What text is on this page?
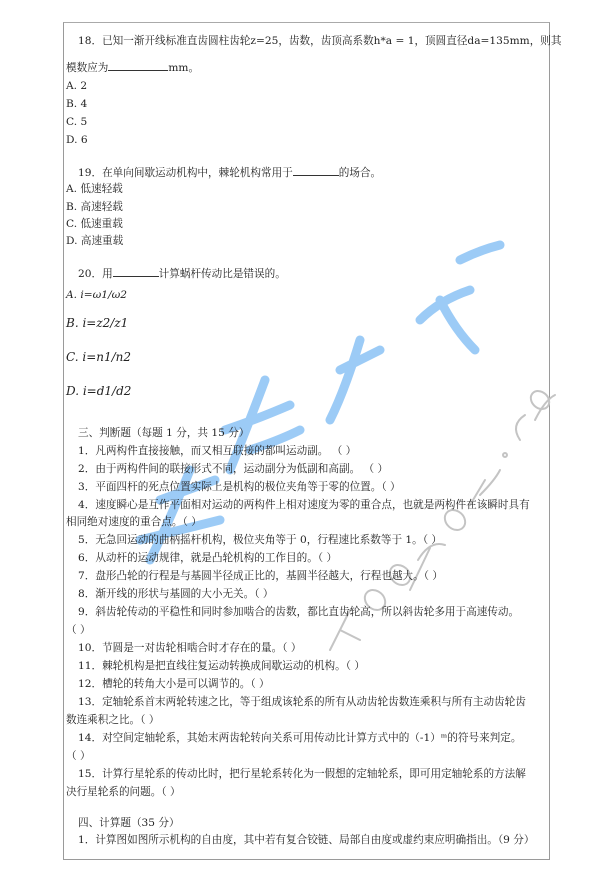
18．已知一渐开线标准直齿圆柱齿轮z=25，齿数，齿顶高系数h*a = 1，顶圆直径da=135mm，则其
模数应为	mm。
A. 2
B. 4
C. 5
D. 6
19．在单向间歇运动机构中，棘轮机构常用于	的场合。
A. 低速轻载
B. 高速轻载
C. 低速重载
D. 高速重载
20．用	计算蜗杆传动比是错误的。
A. i=ω1/ω2
B. i=z2/z1
C. i=n1/n2
D. i=d1/d2
三、判断题（每题 1 分，共 15 分）
1．凡两构件直接接触，而又相互联接的都叫运动副。 （ ）
2．由于两构件间的联接形式不同，运动副分为低副和高副。 （ ）
3．平面四杆的死点位置实际上是机构的极位夹角等于零的位置。（ ）
4．速度瞬心是互作平面相对运动的两构件上相对速度为零的重合点，也就是两构件在该瞬时具有
相同绝对速度的重合点。（ ）
5．无急回运动的曲柄摇杆机构，极位夹角等于 0，行程速比系数等于 1。（ ）
6．从动杆的运动规律，就是凸轮机构的工作目的。（ ）
7．盘形凸轮的行程是与基圆半径成正比的，基圆半径越大，行程也越大。（ ）
8．渐开线的形状与基圆的大小无关。（ ）
9．斜齿轮传动的平稳性和同时参加啮合的齿数，都比直齿轮高，所以斜齿轮多用于高速传动。
（ ）
10．节圆是一对齿轮相啮合时才存在的量。（ ）
11．棘轮机构是把直线往复运动转换成间歇运动的机构。（ ）
12．槽轮的转角大小是可以调节的。（ ）
13．定轴轮系首末两轮转速之比，等于组成该轮系的所有从动齿轮齿数连乘积与所有主动齿轮齿
数连乘积之比。（ ）
14．对空间定轴轮系，其始末两齿轮转向关系可用传动比计算方式中的（-1）ᵐ的符号来判定。
（ ）
15．计算行星轮系的传动比时，把行星轮系转化为一假想的定轴轮系，即可用定轴轮系的方法解
决行星轮系的问题。（ ）
四、计算题（35 分）
1．计算图如图所示机构的自由度，其中若有复合铰链、局部自由度或虚约束应明确指出。（9 分）
